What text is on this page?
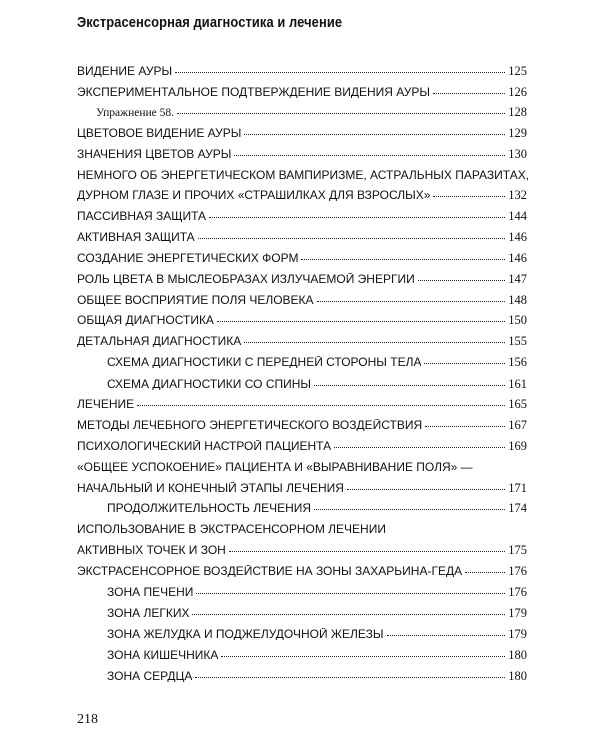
Экстрасенсорная диагностика и лечение
ВИДЕНИЕ АУРЫ	125
ЭКСПЕРИМЕНТАЛЬНОЕ ПОДТВЕРЖДЕНИЕ ВИДЕНИЯ АУРЫ	126
Упражнение 58.	128
ЦВЕТОВОЕ ВИДЕНИЕ АУРЫ	129
ЗНАЧЕНИЯ ЦВЕТОВ АУРЫ	130
НЕМНОГО ОБ ЭНЕРГЕТИЧЕСКОМ ВАМПИРИЗМЕ, АСТРАЛЬНЫХ ПАРАЗИТАХ,
ДУРНОМ ГЛАЗЕ И ПРОЧИХ «СТРАШИЛКАХ ДЛЯ ВЗРОСЛЫХ»	132
ПАССИВНАЯ ЗАЩИТА	144
АКТИВНАЯ ЗАЩИТА	146
СОЗДАНИЕ ЭНЕРГЕТИЧЕСКИХ ФОРМ	146
РОЛЬ ЦВЕТА В МЫСЛЕОБРАЗАХ ИЗЛУЧАЕМОЙ ЭНЕРГИИ	147
ОБЩЕЕ ВОСПРИЯТИЕ ПОЛЯ ЧЕЛОВЕКА	148
ОБЩАЯ ДИАГНОСТИКА	150
ДЕТАЛЬНАЯ ДИАГНОСТИКА	155
СХЕМА ДИАГНОСТИКИ С ПЕРЕДНЕЙ СТОРОНЫ ТЕЛА	156
СХЕМА ДИАГНОСТИКИ СО СПИНЫ	161
ЛЕЧЕНИЕ	165
МЕТОДЫ ЛЕЧЕБНОГО ЭНЕРГЕТИЧЕСКОГО ВОЗДЕЙСТВИЯ	167
ПСИХОЛОГИЧЕСКИЙ НАСТРОЙ ПАЦИЕНТА	169
«ОБЩЕЕ УСПОКОЕНИЕ» ПАЦИЕНТА И «ВЫРАВНИВАНИЕ ПОЛЯ» —
НАЧАЛЬНЫЙ И КОНЕЧНЫЙ ЭТАПЫ ЛЕЧЕНИЯ	171
ПРОДОЛЖИТЕЛЬНОСТЬ ЛЕЧЕНИЯ	174
ИСПОЛЬЗОВАНИЕ В ЭКСТРАСЕНСОРНОМ ЛЕЧЕНИИ
АКТИВНЫХ ТОЧЕК И ЗОН	175
ЭКСТРАСЕНСОРНОЕ ВОЗДЕЙСТВИЕ НА ЗОНЫ ЗАХАРЬИНА-ГЕДА	176
ЗОНА ПЕЧЕНИ	176
ЗОНА ЛЕГКИХ	179
ЗОНА ЖЕЛУДКА И ПОДЖЕЛУДОЧНОЙ ЖЕЛЕЗЫ	179
ЗОНА КИШЕЧНИКА	180
ЗОНА СЕРДЦА	180
218
